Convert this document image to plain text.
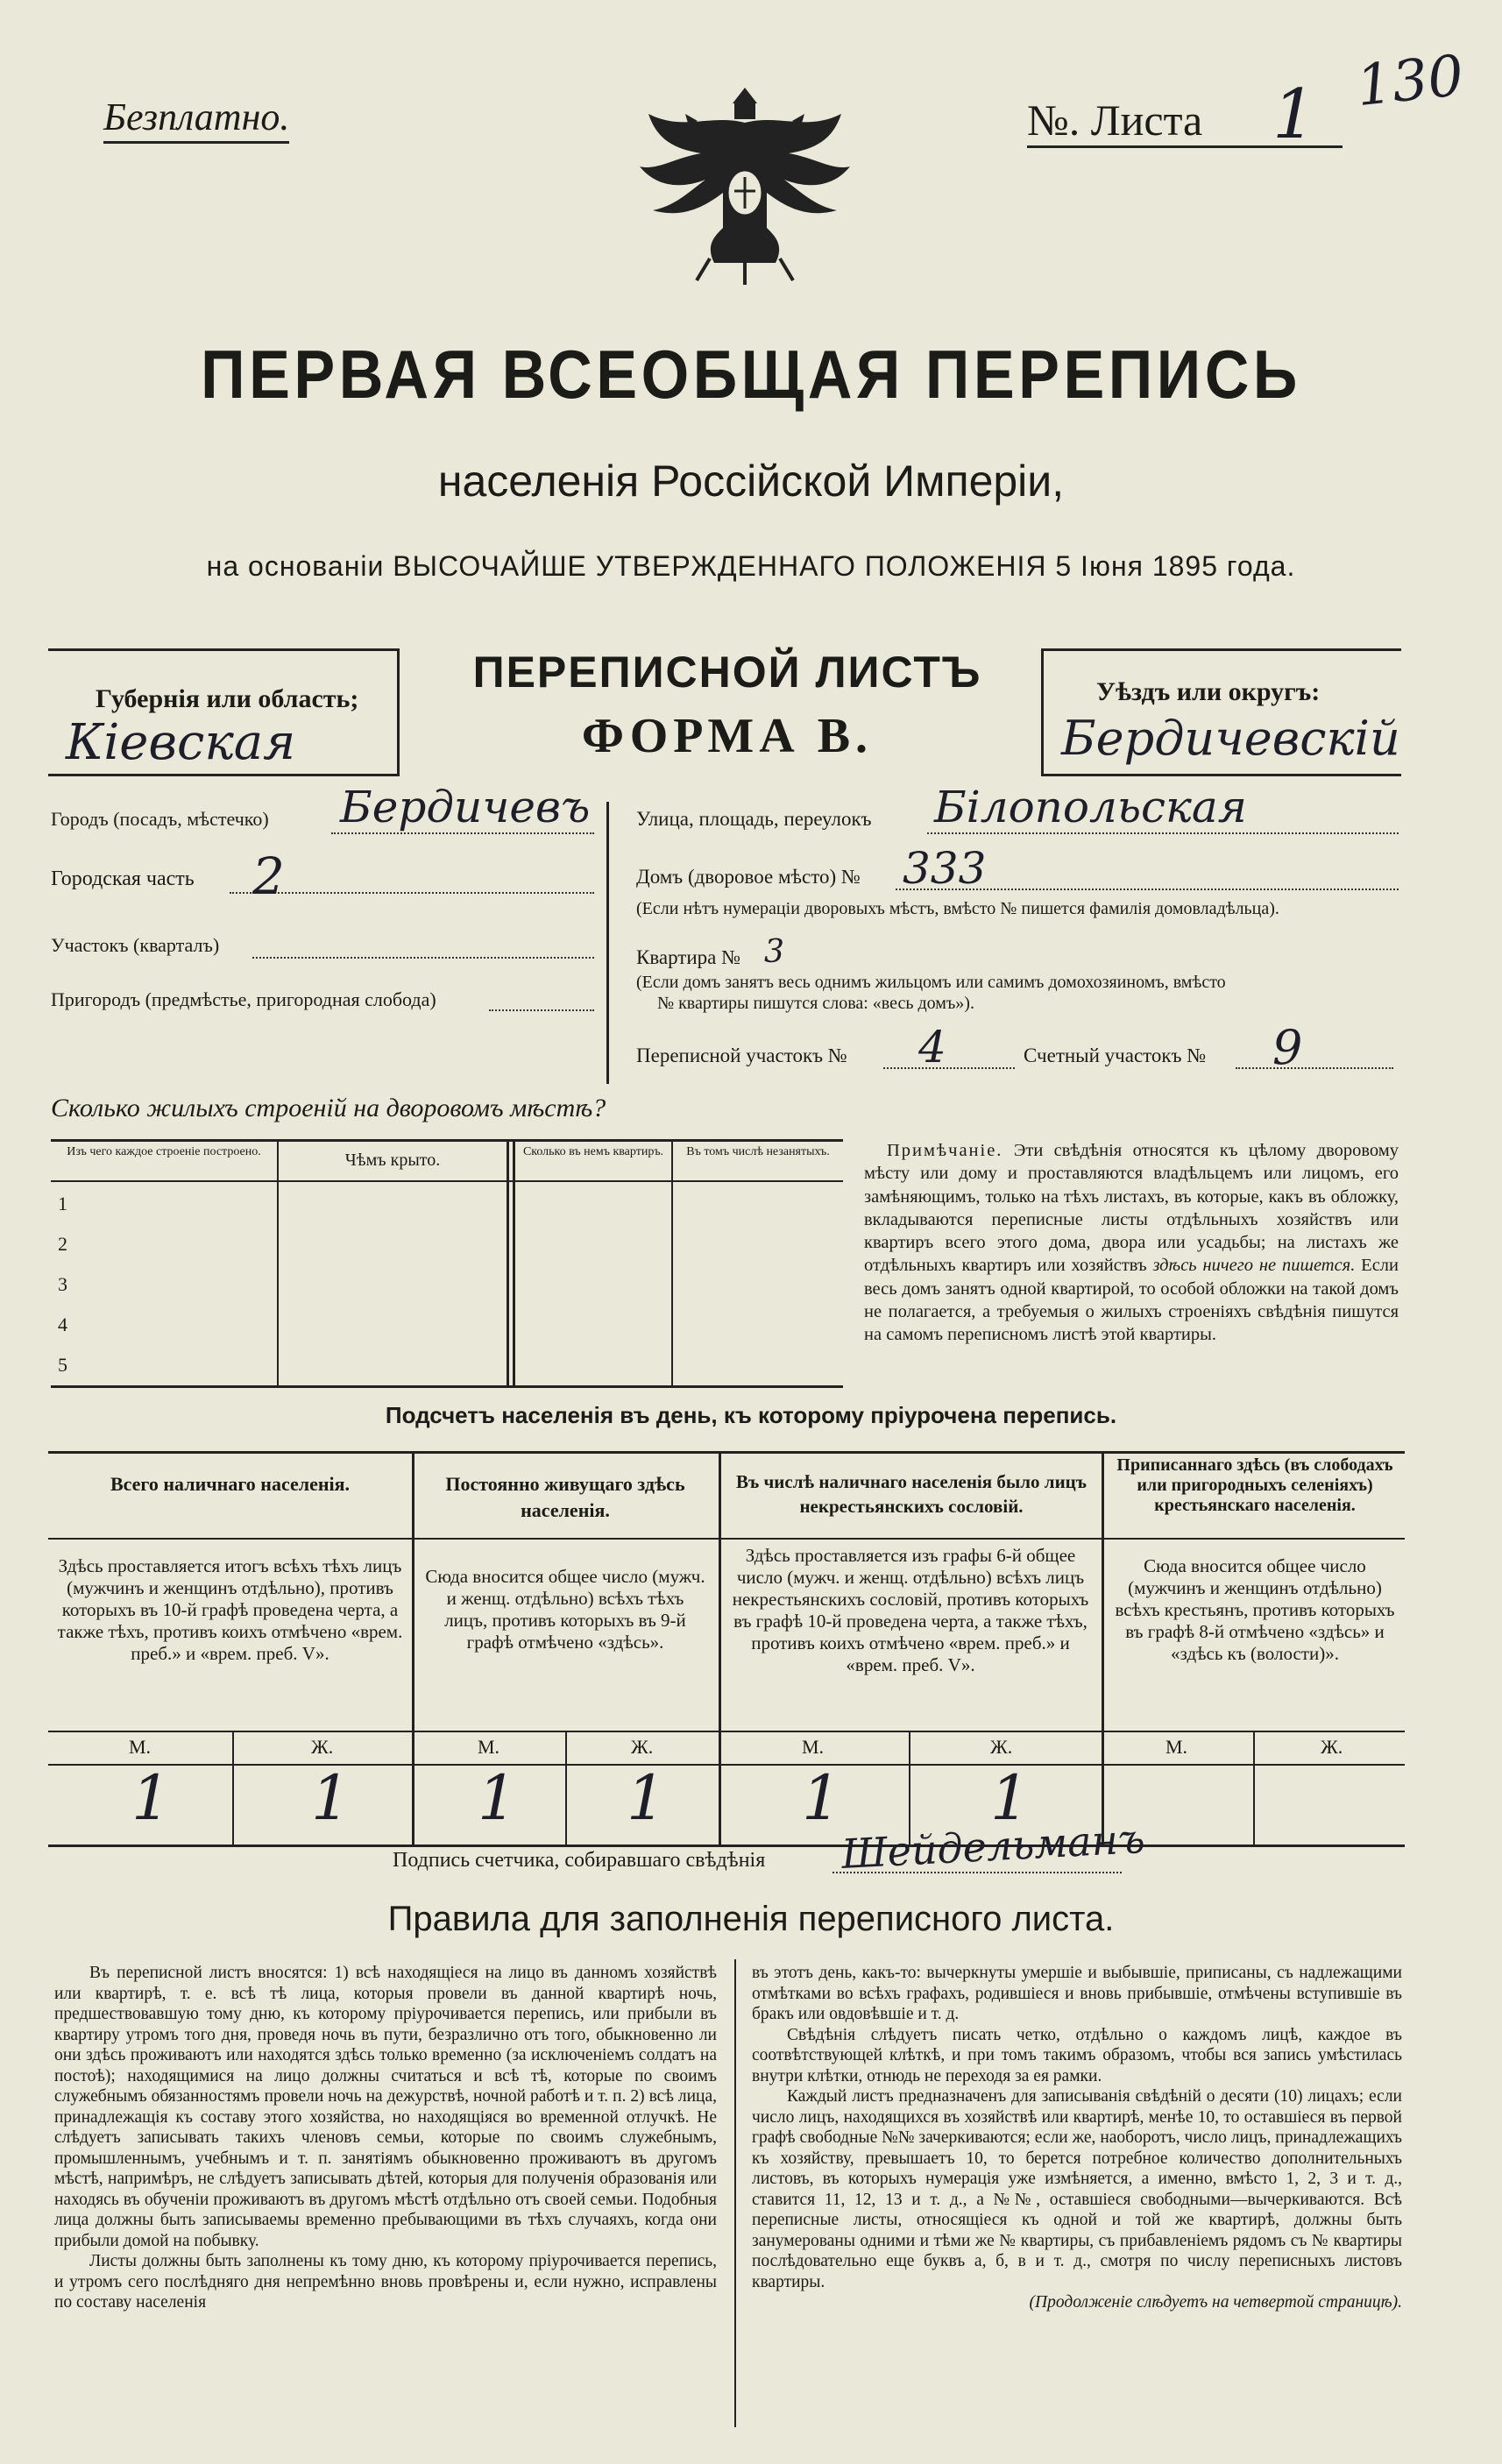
Безплатно.	№. Листа 1 130
ПЕРВАЯ ВСЕОБЩАЯ ПЕРЕПИСЬ
населенія Россійской Имперіи,
на основаніи ВЫСОЧАЙШЕ УТВЕРЖДЕННАГО ПОЛОЖЕНІЯ 5 Іюня 1895 года.
Губернія или область;
Кіевская
ПЕРЕПИСНОЙ ЛИСТЪ
ФОРМА В.
Уѣздъ или округъ:
Бердичевскій
Городъ (посадъ, мѣстечко) Бердичевъ
Городская часть 2
Участокъ (кварталъ)
Пригородъ (предмѣстье, пригородная слобода)
Улица, площадь, переулокъ Білопольская
Домъ (дворовое мѣсто) № 333
(Если нѣтъ нумераціи дворовыхъ мѣстъ, вмѣсто № пишется фамилія домовладѣльца).
Квартира № 3
(Если домъ занятъ весь однимъ жильцомъ или самимъ домохозяиномъ, вмѣсто
№ квартиры пишутся слова: «весь домъ»).
Переписной участокъ № 4	Счетный участокъ № 9
Сколько жилыхъ строеній на дворовомъ мѣстѣ?
Изъ чего каждое строеніе построено.	Чѣмъ крыто.	Сколько въ немъ квартиръ.	Въ томъ числѣ незанятыхъ.
1
2
3
4
5
Примѣчаніе. Эти свѣдѣнія относятся къ цѣлому дворовому мѣсту или дому и проставляются владѣльцемъ или лицомъ, его замѣняющимъ, только на тѣхъ листахъ, въ которые, какъ въ обложку, вкладываются переписные листы отдѣльныхъ хозяйствъ или квартиръ всего этого дома, двора или усадьбы; на листахъ же отдѣльныхъ квартиръ или хозяйствъ здѣсь ничего не пишется. Если весь домъ занятъ одной квартирой, то особой обложки на такой домъ не полагается, а требуемыя о жилыхъ строеніяхъ свѣдѣнія пишутся на самомъ переписномъ листѣ этой квартиры.
Подсчетъ населенія въ день, къ которому пріурочена перепись.
Всего наличнаго населенія.	Постоянно живущаго здѣсь населенія.
Въ числѣ наличнаго населенія было лицъ некрестьянскихъ сословій.
Приписаннаго здѣсь (въ слободахъ или пригородныхъ селеніяхъ) крестьянскаго населенія.
Здѣсь проставляется итогъ всѣхъ тѣхъ лицъ (мужчинъ и женщинъ отдѣльно), противъ которыхъ въ 10-й графѣ проведена черта, а также тѣхъ, противъ коихъ отмѣчено «врем. преб.» и «врем. преб. V».
Сюда вносится общее число (мужч. и женщ. отдѣльно) всѣхъ тѣхъ лицъ, противъ которыхъ въ 9-й графѣ отмѣчено «здѣсь».
Здѣсь проставляется изъ графы 6-й общее число (мужч. и женщ. отдѣльно) всѣхъ лицъ некрестьянскихъ сословій, противъ которыхъ въ графѣ 10-й проведена черта, а также тѣхъ, противъ коихъ отмѣчено «врем. преб.» и «врем. преб. V».
Сюда вносится общее число (мужчинъ и женщинъ отдѣльно) всѣхъ крестьянъ, противъ которыхъ въ графѣ 8-й отмѣчено «здѣсь» и «здѣсь къ (волости)».
М.	Ж.	М.	Ж.	М.	Ж.	М.	Ж.
1 1 1 1 1 1
Подпись счетчика, собиравшаго свѣдѣнія Шейдельманъ
Правила для заполненія переписного листа.

Въ переписной листъ вносятся: 1) всѣ находящіеся на лицо въ данномъ хозяйствѣ или квартирѣ, т. е. всѣ тѣ лица, которыя провели въ данной квартирѣ ночь, предшествовавшую тому дню, къ которому пріурочивается перепись, или прибыли въ квартиру утромъ того дня, проведя ночь въ пути, безразлично отъ того, обыкновенно ли они здѣсь проживаютъ или находятся здѣсь только временно (за исключеніемъ солдатъ на постоѣ); находящимися на лицо должны считаться и всѣ тѣ, которые по своимъ служебнымъ обязанностямъ провели ночь на дежурствѣ, ночной работѣ и т. п. 2) всѣ лица, принадлежащія къ составу этого хозяйства, но находящіяся во временной отлучкѣ. Не слѣдуетъ записывать такихъ членовъ семьи, которые по своимъ служебнымъ, промышленнымъ, учебнымъ и т. п. занятіямъ обыкновенно проживаютъ въ другомъ мѣстѣ, напримѣръ, не слѣдуетъ записывать дѣтей, которыя для полученія образованія или находясь въ обученіи проживаютъ въ другомъ мѣстѣ отдѣльно отъ своей семьи. Подобныя лица должны быть записываемы временно пребывающими въ тѣхъ случаяхъ, когда они прибыли домой на побывку.

Листы должны быть заполнены къ тому дню, къ которому пріурочивается перепись, и утромъ сего послѣдняго дня непремѣнно вновь провѣрены и, если нужно, исправлены по составу населенія

въ этотъ день, какъ-то: вычеркнуты умершіе и выбывшіе, приписаны, съ надлежащими отмѣтками во всѣхъ графахъ, родившіеся и вновь прибывшіе, отмѣчены вступившіе въ бракъ или овдовѣвшіе и т. д.

Свѣдѣнія слѣдуетъ писать четко, отдѣльно о каждомъ лицѣ, каждое въ соотвѣтствующей клѣткѣ, и при томъ такимъ образомъ, чтобы вся запись умѣстилась внутри клѣтки, отнюдь не переходя за ея рамки.

Каждый листъ предназначенъ для записыванія свѣдѣній о десяти (10) лицахъ; если число лицъ, находящихся въ хозяйствѣ или квартирѣ, менѣе 10, то оставшіеся въ первой графѣ свободные №№ зачеркиваются; если же, наоборотъ, число лицъ, принадлежащихъ къ хозяйству, превышаетъ 10, то берется потребное количество дополнительныхъ листовъ, въ которыхъ нумерація уже измѣняется, а именно, вмѣсто 1, 2, 3 и т. д., ставится 11, 12, 13 и т. д., а №№, оставшіеся свободными—вычеркиваются. Всѣ переписные листы, относящіеся къ одной и той же квартирѣ, должны быть занумерованы одними и тѣми же № квартиры, съ прибавленіемъ рядомъ съ № квартиры послѣдовательно еще буквъ а, б, в и т. д., смотря по числу переписныхъ листовъ квартиры.

(Продолженіе слѣдуетъ на четвертой страницѣ).
